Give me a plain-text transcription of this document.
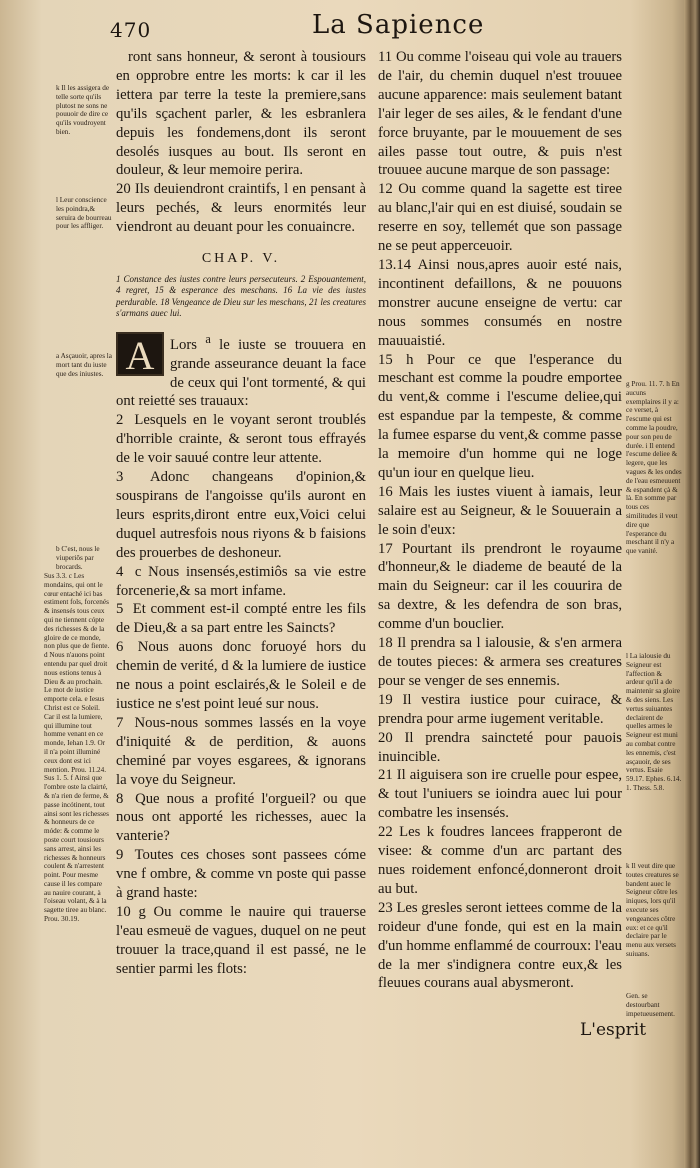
470	La Sapience

k Il les assigera de telle sorte qu'ils plutost ne sons ne pouuoir de dire ce qu'ils voudroyent bien.

l Leur conscience les poindra,& seruira de bourreau pour les affliger.

a Asçauoir, apres la mort tant du iuste que des iniustes.

b C'est, nous le viuperiôs par brocards.

Sus 3.3. c Les mondains, qui ont le cœur entaché ici bas estiment fols, forcenés & insensés tous ceux qui ne tiennent cópte des richesses & de la gloire de ce monde, non plus que de fiente. d Nous n'auons point entendu par quel droit nous estions tenus à Dieu & au prochain. Le mot de iustice emporte cela. e Iesus Christ est ce Soleil. Car il est la lumiere, qui illumine tout homme venant en ce monde, Iehan 1.9. Or il n'a point illuminé ceux dont est ici mention. Prou. 11.24. Sus 1. 5. f Ainsi que l'ombre oste la clairté, & n'a rien de ferme, & passe incótinent, tout ainsi sont les richesses & honneurs de ce móde: & comme le poste court tousiours sans arrest, ainsi les richesses & honneurs coulent & n'arrestent point. Pour mesme cause il les compare au nauire courant, à l'oiseau volant, & à la sagette tiree au blanc. Prou. 30.19.

g Prou. 11. 7. h En aucuns exemplaires il y a: ce verset, à l'escume qui est comme la poudre, pour son peu de durée. i Il entend l'escume deliee & legere, que les vagues & les ondes de l'eau esmeuuent & espandent çà & là. En somme par tous ces similitudes il veut dire que l'esperance du meschant il n'y a que vanité.

l La ialousie du Seigneur est l'affection & ardeur qu'il a de maintenir sa gloire & des siens. Les vertus suiuantes declairent de quelles armes le Seigneur est muni au combat contre les ennemis, c'est asçauoir, de ses vertus. Esaie 59.17. Ephes. 6.14. 1. Thess. 5.8.

k Il veut dire que toutes creatures se bandent auec le Seigneur côtre les iniques, lors qu'il execute ses vengeances côtre eux: et ce qu'il declaire par le menu aux versets suiuans.

Gen. se destourbant impetueusement.

ront sans honneur, & seront à tousiours en opprobre entre les morts: k car il les iettera par terre la teste la premiere,sans qu'ils sçachent parler, & les esbranlera depuis les fondemens,dont ils seront desolés iusques au bout. Ils seront en douleur, & leur memoire perira.

20 Ils deuiendront craintifs, l en pensant à leurs pechés, & leurs enormités leur viendront au deuant pour les conuaincre.

CHAP. V.

1 Constance des iustes contre leurs persecuteurs. 2 Espouantement, 4 regret, 15 & esperance des meschans. 16 La vie des iustes perdurable. 18 Vengeance de Dieu sur les meschans, 21 les creatures s'armans auec lui.

A	Lors $^a$ le iuste se trouuera en grande asseurance deuant la face de ceux qui l'ont tormenté, & qui ont reietté ses trauaux:

2 Lesquels en le voyant seront troublés d'horrible crainte, & seront tous effrayés de le voir sauué contre leur attente.

3 Adonc changeans d'opinion,& souspirans de l'angoisse qu'ils auront en leurs esprits,diront entre eux,Voici celui duquel autresfois nous riyons & b faisions des prouerbes de deshoneur.

4 c Nous insensés,estimiôs sa vie estre forcenerie,& sa mort infame.

5 Et comment est-il compté entre les fils de Dieu,& a sa part entre les Saincts?

6 Nous auons donc foruoyé hors du chemin de verité, d & la lumiere de iustice ne nous a point esclairés,& le Soleil e de iustice ne s'est point leué sur nous.

7 Nous-nous sommes lassés en la voye d'iniquité & de perdition, & auons cheminé par voyes esgarees, & ignorans la voye du Seigneur.

8 Que nous a profité l'orgueil? ou que nous ont apporté les richesses, auec la vanterie?

9 Toutes ces choses sont passees cóme vne f ombre, & comme vn poste qui passe à grand haste:

10 g Ou comme le nauire qui trauerse l'eau esmeuë de vagues, duquel on ne peut trouuer la trace,quand il est passé, ne le sentier parmi les flots:

11 Ou comme l'oiseau qui vole au trauers de l'air, du chemin duquel n'est trouuee aucune apparence: mais seulement batant l'air leger de ses ailes, & le fendant d'une force bruyante, par le mouuement de ses ailes passe tout outre, & puis n'est trouuee aucune marque de son passage:

12 Ou comme quand la sagette est tiree au blanc,l'air qui en est diuisé, soudain se reserre en soy, tellemét que son passage ne se peut apperceuoir.

13.14 Ainsi nous,apres auoir esté nais, incontinent defaillons, & ne pouuons monstrer aucune enseigne de vertu: car nous sommes consumés en nostre mauuaistié.

15 h Pour ce que l'esperance du meschant est comme la poudre emportee du vent,& comme i l'escume deliee,qui est espandue par la tempeste, & comme la fumee esparse du vent,& comme passe la memoire d'un homme qui ne loge qu'un iour en quelque lieu.

16 Mais les iustes viuent à iamais, leur salaire est au Seigneur, & le Souuerain a le soin d'eux:

17 Pourtant ils prendront le royaume d'honneur,& le diademe de beauté de la main du Seigneur: car il les couurira de sa dextre, & les defendra de son bras, comme d'un bouclier.

18 Il prendra sa l ialousie, & s'en armera de toutes pieces: & armera ses creatures pour se venger de ses ennemis.

19 Il vestira iustice pour cuirace, & prendra pour arme iugement veritable.

20 Il prendra saincteté pour pauois inuincible.

21 Il aiguisera son ire cruelle pour espee, & tout l'uniuers se ioindra auec lui pour combatre les insensés.

22 Les k foudres lancees frapperont de visee: & comme d'un arc partant des nues roidement enfoncé,donneront droit au but.

23 Les gresles seront iettees comme de la roideur d'une fonde, qui est en la main d'un homme enflammé de courroux: l'eau de la mer s'indignera contre eux,& les fleuues courans aual abysmeront.

L'esprit
